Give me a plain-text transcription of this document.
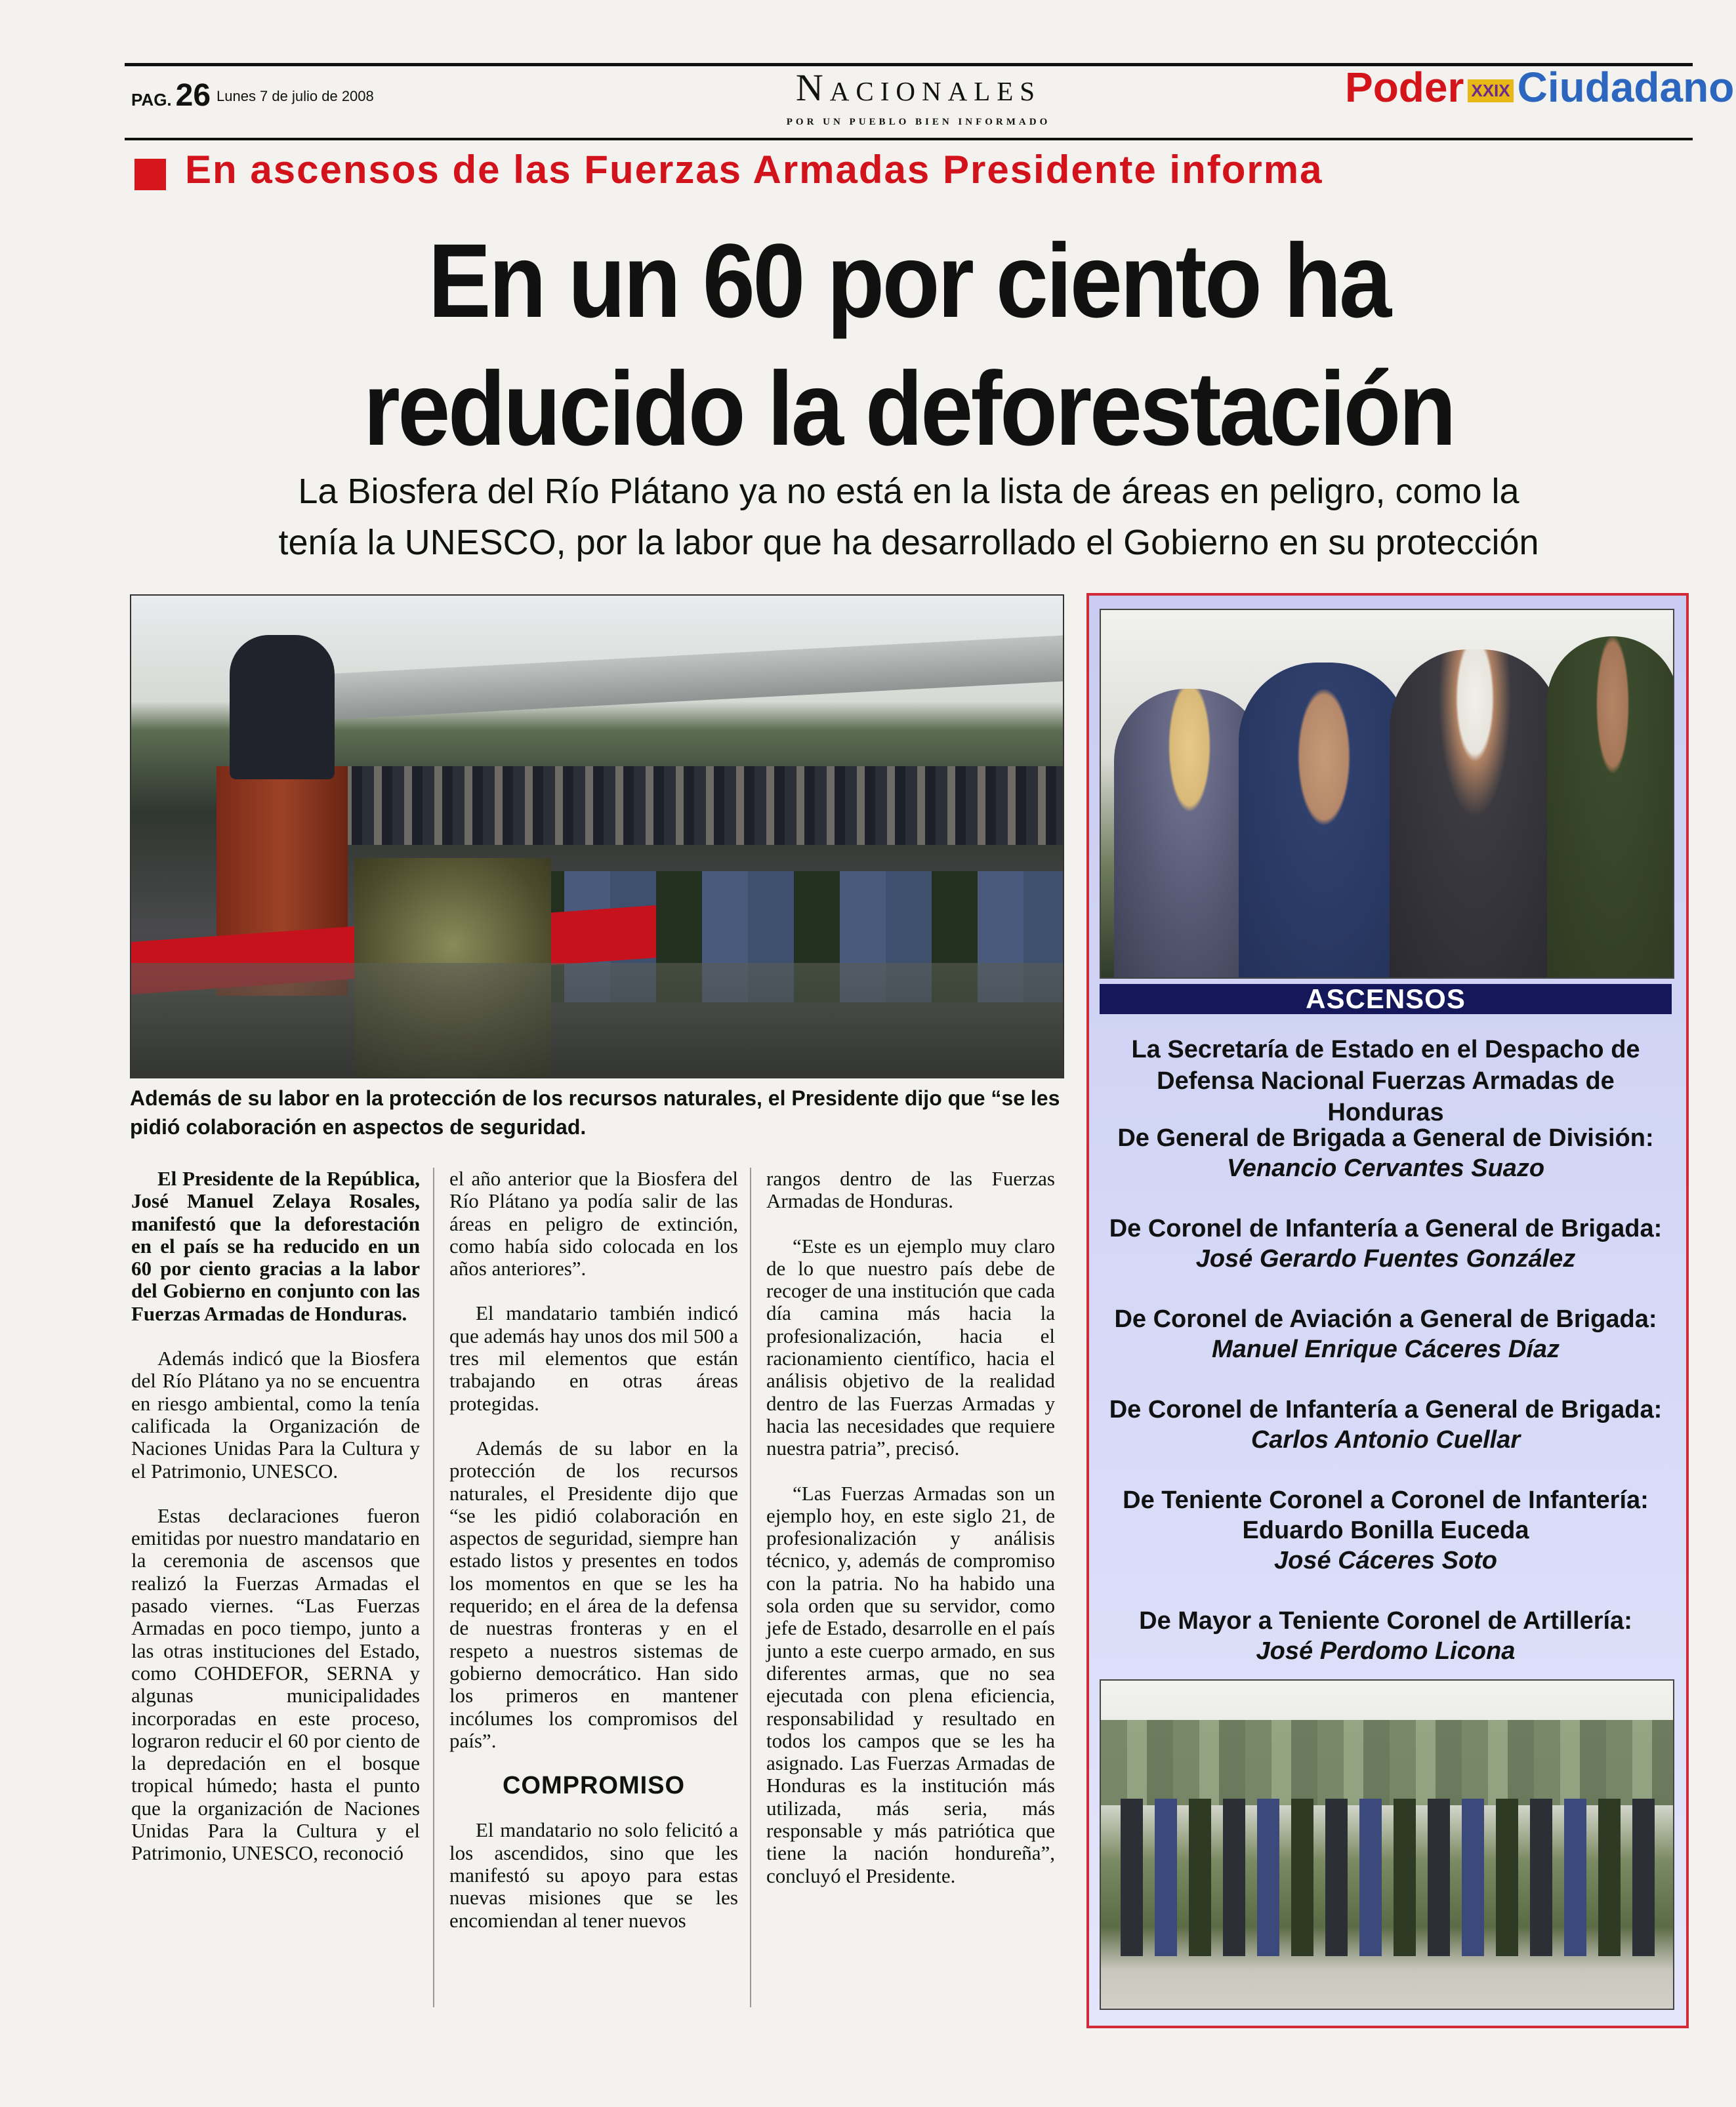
PAG. 26 Lunes 7 de julio de 2008	Nacionales
POR UN PUEBLO BIEN INFORMADO
Poder XXIX Ciudadano
En ascensos de las Fuerzas Armadas Presidente informa
En un 60 por ciento ha
reducido la deforestación
La Biosfera del Río Plátano ya no está en la lista de áreas en peligro, como la
tenía la UNESCO, por la labor que ha desarrollado el Gobierno en su protección
Además de su labor en la protección de los recursos naturales, el Presidente dijo que “se les pidió colaboración en aspectos de seguridad.

El Presidente de la República, José Manuel Zelaya Rosales, manifestó que la deforestación en el país se ha reducido en un 60 por ciento gracias a la labor del Gobierno en conjunto con las Fuerzas Armadas de Honduras.

Además indicó que la Biosfera del Río Plátano ya no se encuentra en riesgo ambiental, como la tenía calificada la Organización de Naciones Unidas Para la Cultura y el Patrimonio, UNESCO.

Estas declaraciones fueron emitidas por nuestro mandatario en la ceremonia de ascensos que realizó la Fuerzas Armadas el pasado viernes. “Las Fuerzas Armadas en poco tiempo, junto a las otras instituciones del Estado, como COHDEFOR, SERNA y algunas municipalidades incorporadas en este proceso, lograron reducir el 60 por ciento de la depredación en el bosque tropical húmedo; hasta el punto que la organización de Naciones Unidas Para la Cultura y el Patrimonio, UNESCO, reconoció

el año anterior que la Biosfera del Río Plátano ya podía salir de las áreas en peligro de extinción, como había sido colocada en los años anteriores”.

El mandatario también indicó que además hay unos dos mil 500 a tres mil elementos que están trabajando en otras áreas protegidas.

Además de su labor en la protección de los recursos naturales, el Presidente dijo que “se les pidió colaboración en aspectos de seguridad, siempre han estado listos y presentes en todos los momentos en que se les ha requerido; en el área de la defensa de nuestras fronteras y en el respeto a nuestros sistemas de gobierno democrático. Han sido los primeros en mantener incólumes los compromisos del país”.

COMPROMISO

El mandatario no solo felicitó a los ascendidos, sino que les manifestó su apoyo para estas nuevas misiones que se les encomiendan al tener nuevos

rangos dentro de las Fuerzas Armadas de Honduras.

“Este es un ejemplo muy claro de lo que nuestro país debe de recoger de una institución que cada día camina más hacia la profesionalización, hacia el racionamiento científico, hacia el análisis objetivo de la realidad dentro de las Fuerzas Armadas y hacia las necesidades que requiere nuestra patria”, precisó.

“Las Fuerzas Armadas son un ejemplo hoy, en este siglo 21, de profesionalización y análisis técnico, y, además de compromiso con la patria. No ha habido una sola orden que su servidor, como jefe de Estado, desarrolle en el país junto a este cuerpo armado, en sus diferentes armas, que no sea ejecutada con plena eficiencia, responsabilidad y resultado en todos los campos que se les ha asignado. Las Fuerzas Armadas de Honduras es la institución más utilizada, más seria, más responsable y más patriótica que tiene la nación hondureña”, concluyó el Presidente.

ASCENSOS
La Secretaría de Estado en el Despacho de
Defensa Nacional Fuerzas Armadas de Honduras
De General de Brigada a General de División:
Venancio Cervantes Suazo
De Coronel de Infantería a General de Brigada:
José Gerardo Fuentes González
De Coronel de Aviación a General de Brigada:
Manuel Enrique Cáceres Díaz
De Coronel de Infantería a General de Brigada:
Carlos Antonio Cuellar
De Teniente Coronel a Coronel de Infantería:
Eduardo Bonilla Euceda
José Cáceres Soto
De Mayor a Teniente Coronel de Artillería:
José Perdomo Licona
